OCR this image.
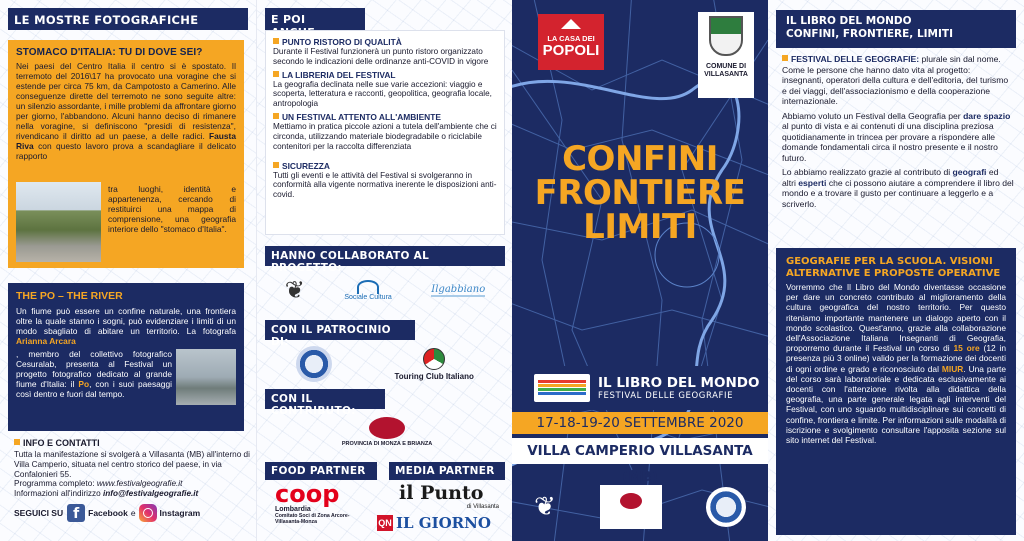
LE MOSTRE FOTOGRAFICHE
STOMACO D'ITALIA: TU DI DOVE SEI?

Nei paesi del Centro Italia il centro si è spostato. Il terremoto del 2016\17 ha provocato una voragine che si estende per circa 75 km, da Campotosto a Camerino. Alle conseguenze dirette del terremoto ne sono seguite altre: un silenzio assordante, i mille problemi da affrontare giorno per giorno, l'abbandono. Alcuni hanno deciso di rimanere nella voragine, si definiscono "presidi di resistenza", rivendicano il diritto ad un paese, a delle radici. Fausta Riva con questo lavoro prova a scandagliare il delicato rapporto

tra luoghi, identità e appartenenza, cercando di restituirci una mappa di comprensione, una geografia interiore dello "stomaco d'Italia".

THE PO – THE RIVER

Un fiume può essere un confine naturale, una frontiera oltre la quale stanno i sogni, può evidenziare i limiti di un modo sbagliato di abitare un territorio. La fotografa Arianna Arcara

, membro del collettivo fotografico Cesuralab, presenta al Festival un progetto fotografico dedicato al grande fiume d'Italia: il Po, con i suoi paesaggi così dentro e fuori dal tempo.

INFO E CONTATTI

Tutta la manifestazione si svolgerà a Villasanta (MB) all'interno di Villa Camperio, situata nel centro storico del paese, in via Confalonieri 55.

Programma completo: www.festivalgeografie.it

Informazioni all'indirizzo info@festivalgeografie.it

SEGUICI SU f	Facebook e	Instagram
E POI
PUNTO RISTORO DI QUALITÀ

Durante il Festival funzionerà un punto ristoro organizzato secondo le indicazioni delle ordinanze anti-COVID in vigore

LA LIBRERIA DEL FESTIVAL

La geografia declinata nelle sue varie accezioni: viaggio e scoperta, letteratura e racconti, geopolitica, geografia locale, antropologia

UN FESTIVAL ATTENTO ALL'AMBIENTE

Mettiamo in pratica piccole azioni a tutela dell'ambiente che ci circonda, utilizzando materiale biodegradabile o riciclabile contenitori per la raccolta differenziata

SICUREZZA

Tutti gli eventi e le attività del Festival si svolgeranno in conformità alla vigente normativa inerente le disposizioni anti-covid.

HANNO COLLABORATO AL PROGETTO:
❦	Sociale Cultura
Ilgabbiano
CON IL PATROCINIO DI:
Touring Club Italiano
CON IL CONTRIBUTO:
PROVINCIA DI MONZA E BRIANZA
FOOD PARTNER	MEDIA PARTNER
coop
Lombardia
Comitato Soci di Zona Arcore-Villasanta-Monza
il Punto
di Villasanta
QN IL GIORNO
LA CASA DEI
POPOLI
COMUNE DI VILLASANTA
CONFINI
FRONTIERE
LIMITI
IL LIBRO DEL MONDO
FESTIVAL DELLE GEOGRAFIE
17-18-19-20 SETTEMBRE 2020
VILLA CAMPERIO VILLASANTA (MB)
❦
IL LIBRO DEL MONDO
CONFINI, FRONTIERE, LIMITI

FESTIVAL DELLE GEOGRAFIE: plurale sin dal nome. Come le persone che hanno dato vita al progetto: insegnanti, operatori della cultura e dell'editoria, del turismo e dei viaggi, dell'associazionismo e della cooperazione internazionale.

Abbiamo voluto un Festival della Geografia per dare spazio al punto di vista e ai contenuti di una disciplina preziosa quotidianamente in trincea per provare a rispondere alle domande fondamentali circa il nostro presente e il nostro futuro.

Lo abbiamo realizzato grazie al contributo di geografi ed altri esperti che ci possono aiutare a comprendere il libro del mondo e a trovare il gusto per continuare a leggerlo e a scriverlo.

GEOGRAFIE PER LA SCUOLA. VISIONI ALTERNATIVE E PROPOSTE OPERATIVE

Vorremmo che Il Libro del Mondo diventasse occasione per dare un concreto contributo al miglioramento della cultura geografica del nostro territorio. Per questo riteniamo importante mantenere un dialogo aperto con il mondo scolastico. Quest'anno, grazie alla collaborazione dell'Associazione Italiana Insegnanti di Geografia, proporremo durante il Festival un corso di 15 ore (12 in presenza più 3 online) valido per la formazione dei docenti di ogni ordine e grado e riconosciuto dal MIUR. Una parte del corso sarà laboratoriale e dedicata esclusivamente ai docenti con l'attenzione rivolta alla didattica della geografia, una parte generale legata agli interventi del Festival, con uno sguardo multidisciplinare sui concetti di confine, frontiera e limite. Per informazioni sulle modalità di iscrizione e svolgimento consultare l'apposita sezione sul sito internet del Festival.
